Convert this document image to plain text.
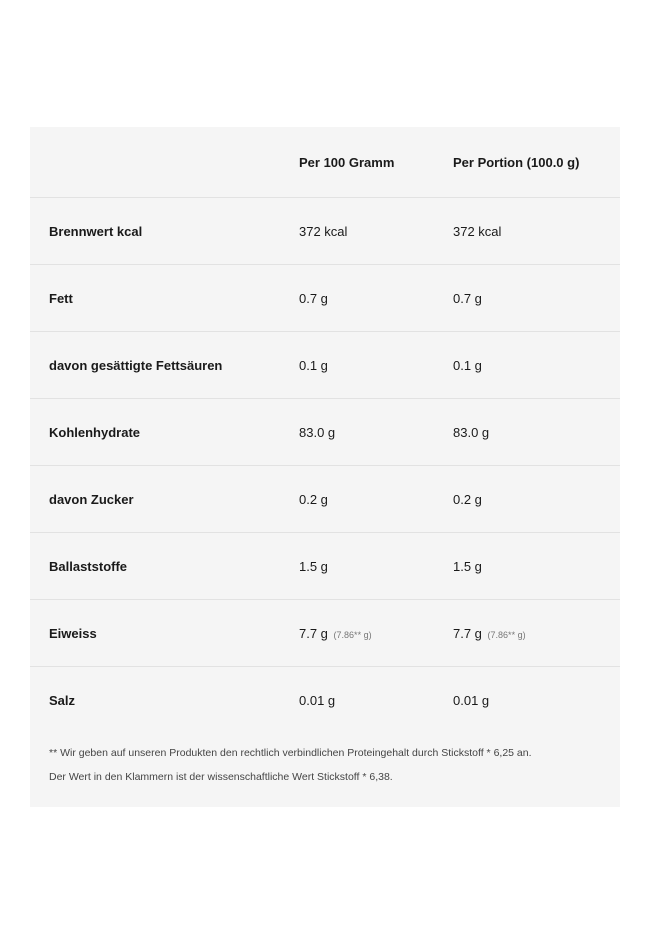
	Per 100 Gramm	Per Portion (100.0 g)
Brennwert kcal	372 kcal	372 kcal
Fett	0.7 g	0.7 g
davon gesättigte Fettsäuren	0.1 g	0.1 g
Kohlenhydrate	83.0 g	83.0 g
davon Zucker	0.2 g	0.2 g
Ballaststoffe	1.5 g	1.5 g
Eiweiss	7.7 g (7.86** g)	7.7 g (7.86** g)
Salz	0.01 g	0.01 g
** Wir geben auf unseren Produkten den rechtlich verbindlichen Proteingehalt durch Stickstoff * 6,25 an.
Der Wert in den Klammern ist der wissenschaftliche Wert Stickstoff * 6,38.
